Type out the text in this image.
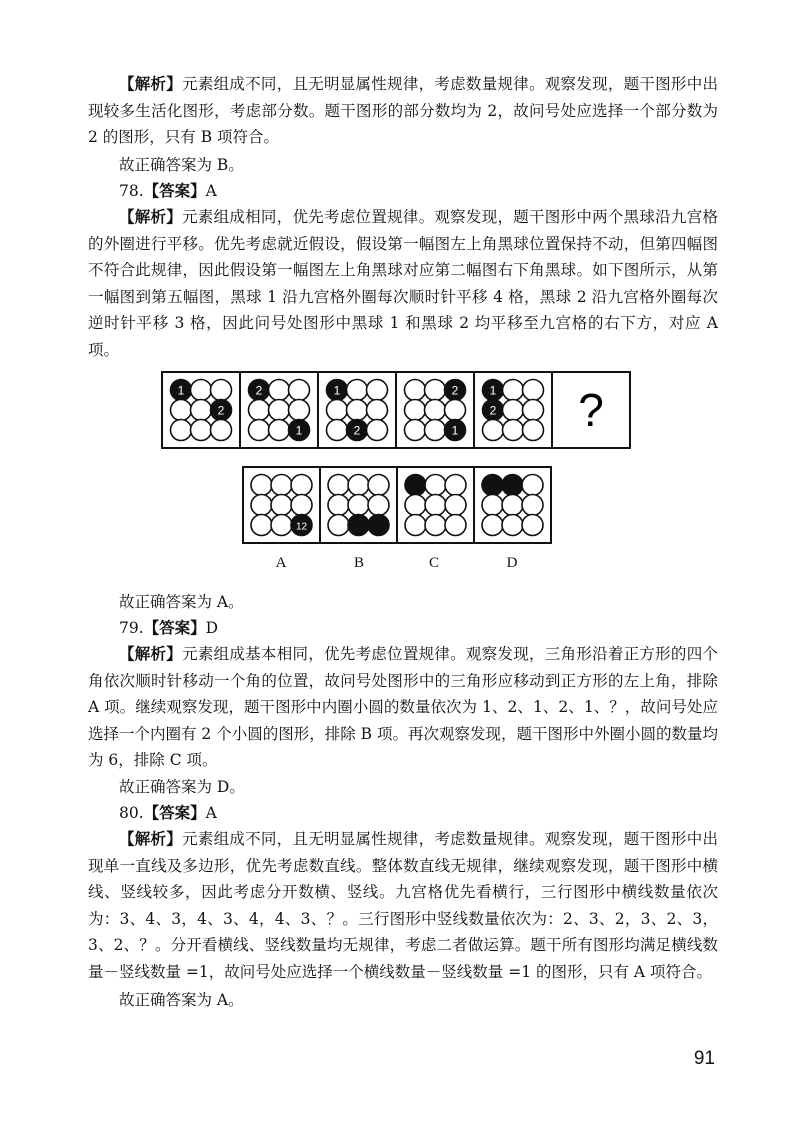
【解析】元素组成不同，且无明显属性规律，考虑数量规律。观察发现，题干图形中出现较多生活化图形，考虑部分数。题干图形的部分数均为 2，故问号处应选择一个部分数为 2 的图形，只有 B 项符合。

故正确答案为 B。

78.【答案】A

【解析】元素组成相同，优先考虑位置规律。观察发现，题干图形中两个黑球沿九宫格的外圈进行平移。优先考虑就近假设，假设第一幅图左上角黑球位置保持不动，但第四幅图不符合此规律，因此假设第一幅图左上角黑球对应第二幅图右下角黑球。如下图所示，从第一幅图到第五幅图，黑球 1 沿九宫格外圈每次顺时针平移 4 格，黑球 2 沿九宫格外圈每次逆时针平移 3 格，因此问号处图形中黑球 1 和黑球 2 均平移至九宫格的右下方，对应 A 项。

1
2
2
1
1
2
2
1
1
2 ?
12
A	B	C	D

故正确答案为 A。

79.【答案】D

【解析】元素组成基本相同，优先考虑位置规律。观察发现，三角形沿着正方形的四个角依次顺时针移动一个角的位置，故问号处图形中的三角形应移动到正方形的左上角，排除 A 项。继续观察发现，题干图形中内圈小圆的数量依次为 1、2、1、2、1、？，故问号处应选择一个内圈有 2 个小圆的图形，排除 B 项。再次观察发现，题干图形中外圈小圆的数量均为 6，排除 C 项。

故正确答案为 D。

80.【答案】A

【解析】元素组成不同，且无明显属性规律，考虑数量规律。观察发现，题干图形中出现单一直线及多边形，优先考虑数直线。整体数直线无规律，继续观察发现，题干图形中横线、竖线较多，因此考虑分开数横、竖线。九宫格优先看横行，三行图形中横线数量依次为：3、4、3，4、3、4，4、3、？。三行图形中竖线数量依次为：2、3、2，3、2、3，3、2、？。分开看横线、竖线数量均无规律，考虑二者做运算。题干所有图形均满足横线数量－竖线数量 =1，故问号处应选择一个横线数量－竖线数量 =1 的图形，只有 A 项符合。

故正确答案为 A。

91
